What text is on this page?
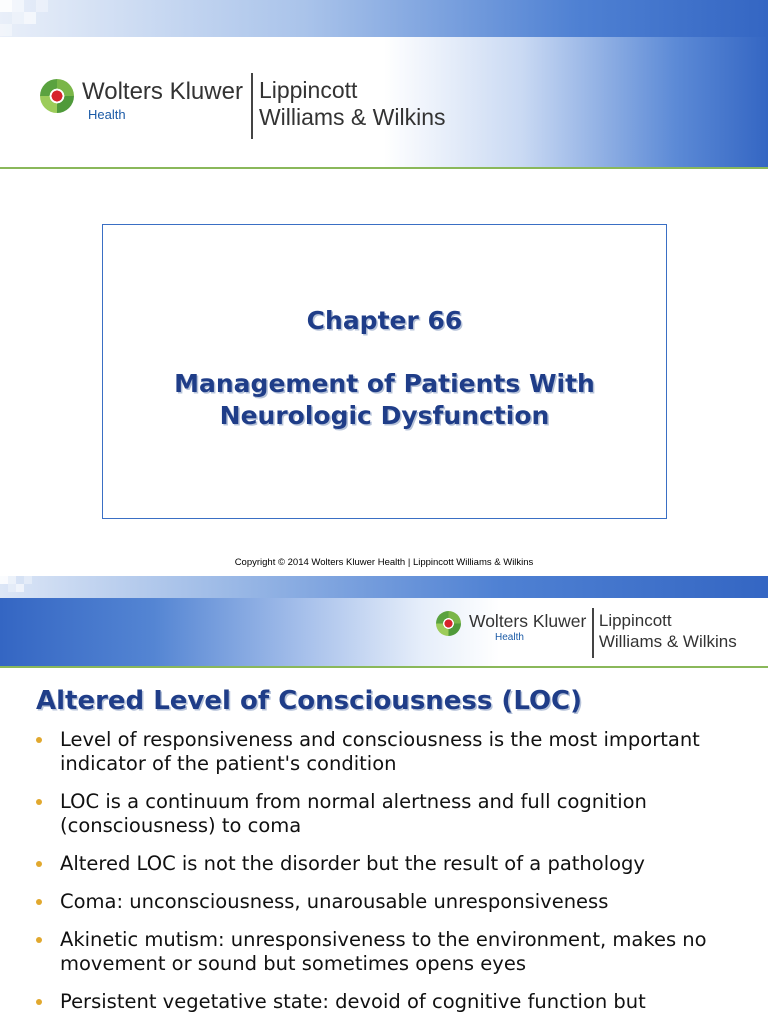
Wolters Kluwer
Health
Lippincott
Williams & Wilkins
Chapter 66
Management of Patients With Neurologic Dysfunction
Copyright © 2014 Wolters Kluwer Health | Lippincott Williams & Wilkins
Wolters Kluwer
Health
Lippincott
Williams & Wilkins
Altered Level of Consciousness (LOC)
Level of responsiveness and consciousness is the most important indicator of the patient's condition
LOC is a continuum from normal alertness and full cognition (consciousness) to coma
Altered LOC is not the disorder but the result of a pathology
Coma: unconsciousness, unarousable unresponsiveness
Akinetic mutism: unresponsiveness to the environment, makes no movement or sound but sometimes opens eyes
Persistent vegetative state: devoid of cognitive function but
